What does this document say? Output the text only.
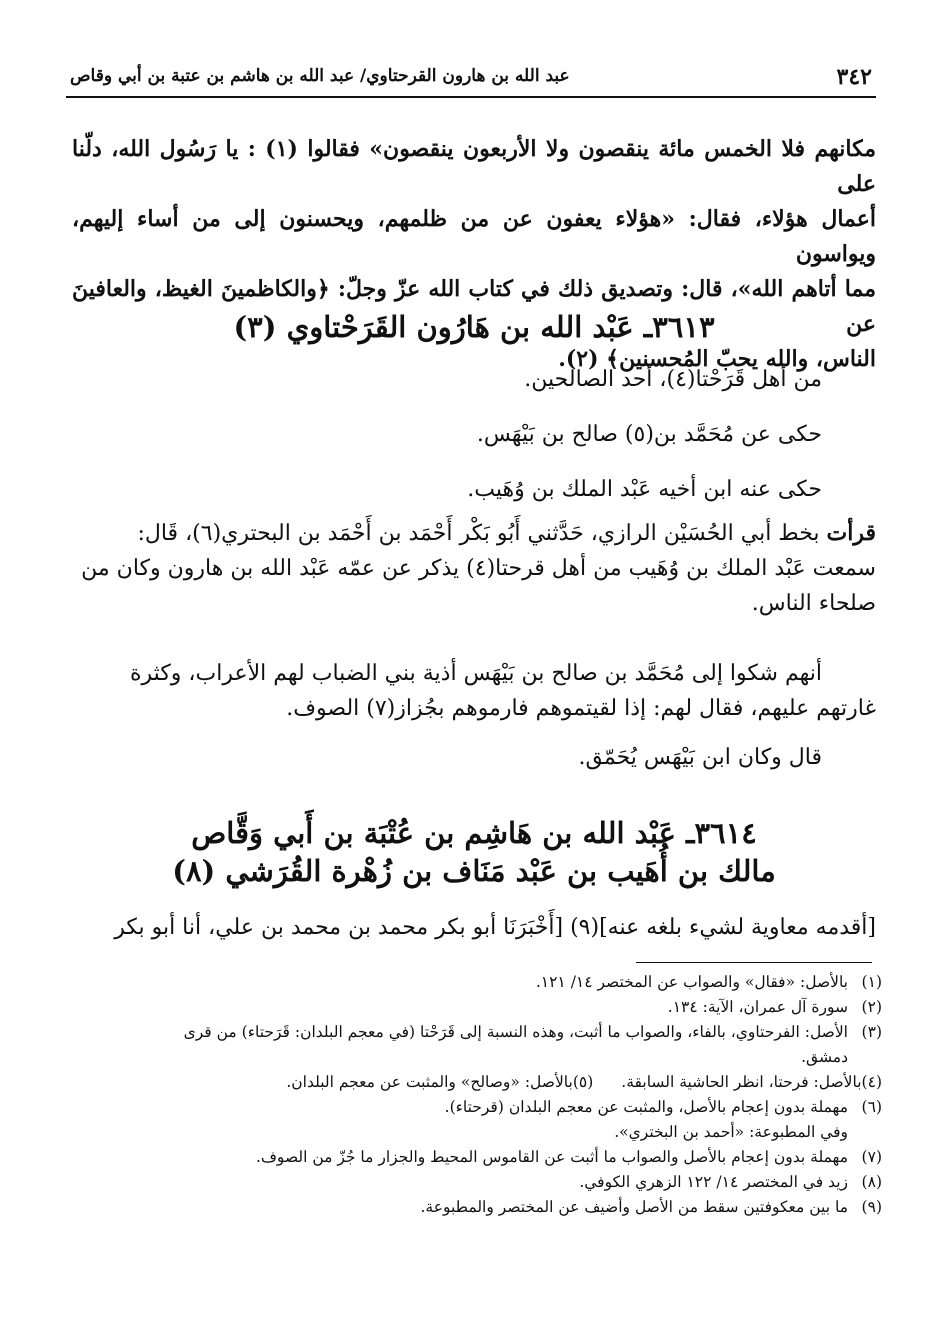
٣٤٢
عبد الله بن هارون القرحتاوي/ عبد الله بن هاشم بن عتبة بن أبي وقاص

مكانهم فلا الخمس مائة ينقصون ولا الأربعون ينقصون» فقالوا (١) : يا رَسُول الله، دلّنا على

أعمال هؤلاء، فقال: «هؤلاء يعفون عن من ظلمهم، ويحسنون إلى من أساء إليهم، ويواسون

مما أتاهم الله»، قال: وتصديق ذلك في كتاب الله عزّ وجلّ: ﴿والكاظمينَ الغيظ، والعافينَ عن

الناس، والله يحبّ المُحسنين﴾ (٢).

٣٦١٣ـ عَبْد الله بن هَارُون القَرَحْتاوي (٣)

من أهل قَرَحْتا(٤)، أحد الصالحين.

حكى عن مُحَمَّد بن(٥) صالح بن بَيْهَس.

حكى عنه ابن أخيه عَبْد الملك بن وُهَيب.

قرأت بخط أبي الحُسَيْن الرازي، حَدَّثني أَبُو بَكْر أَحْمَد بن أَحْمَد بن البحتري(٦)، قَال:

سمعت عَبْد الملك بن وُهَيب من أهل قرحتا(٤) يذكر عن عمّه عَبْد الله بن هارون وكان من

صلحاء الناس.

أنهم شكوا إلى مُحَمَّد بن صالح بن بَيْهَس أذية بني الضباب لهم الأعراب، وكثرة

غارتهم عليهم، فقال لهم: إذا لقيتموهم فارموهم بجُزاز(٧) الصوف.

قال وكان ابن بَيْهَس يُحَمّق.

٣٦١٤ـ عَبْد الله بن هَاشِم بن عُتْبَة بن أَبي وَقَّاص
مالك بن أُهَيب بن عَبْد مَنَاف بن زُهْرة القُرَشي (٨)

[أقدمه معاوية لشيء بلغه عنه](٩) [أَخْبَرَنَا أبو بكر محمد بن محمد بن علي، أنا أبو بكر

(١)
بالأصل: «فقال» والصواب عن المختصر ١٤/ ١٢١.
(٢)
سورة آل عمران، الآية: ١٣٤.
(٣)
الأصل: الفرحتاوي، بالفاء، والصواب ما أثبت، وهذه النسبة إلى قَرَحْتا (في معجم البلدان: قَرَحتاء) من قرى

دمشق.

(٤)
بالأصل: فرحتا، انظر الحاشية السابقة.
(٥)
بالأصل: «وصالح» والمثبت عن معجم البلدان.
(٦)
مهملة بدون إعجام بالأصل، والمثبت عن معجم البلدان (قرحتاء).

وفي المطبوعة: «أحمد بن البختري».

(٧)
مهملة بدون إعجام بالأصل والصواب ما أثبت عن القاموس المحيط والجزار ما جُزّ من الصوف.
(٨)
زيد في المختصر ١٤/ ١٢٢ الزهري الكوفي.
(٩)
ما بين معكوفتين سقط من الأصل وأضيف عن المختصر والمطبوعة.
